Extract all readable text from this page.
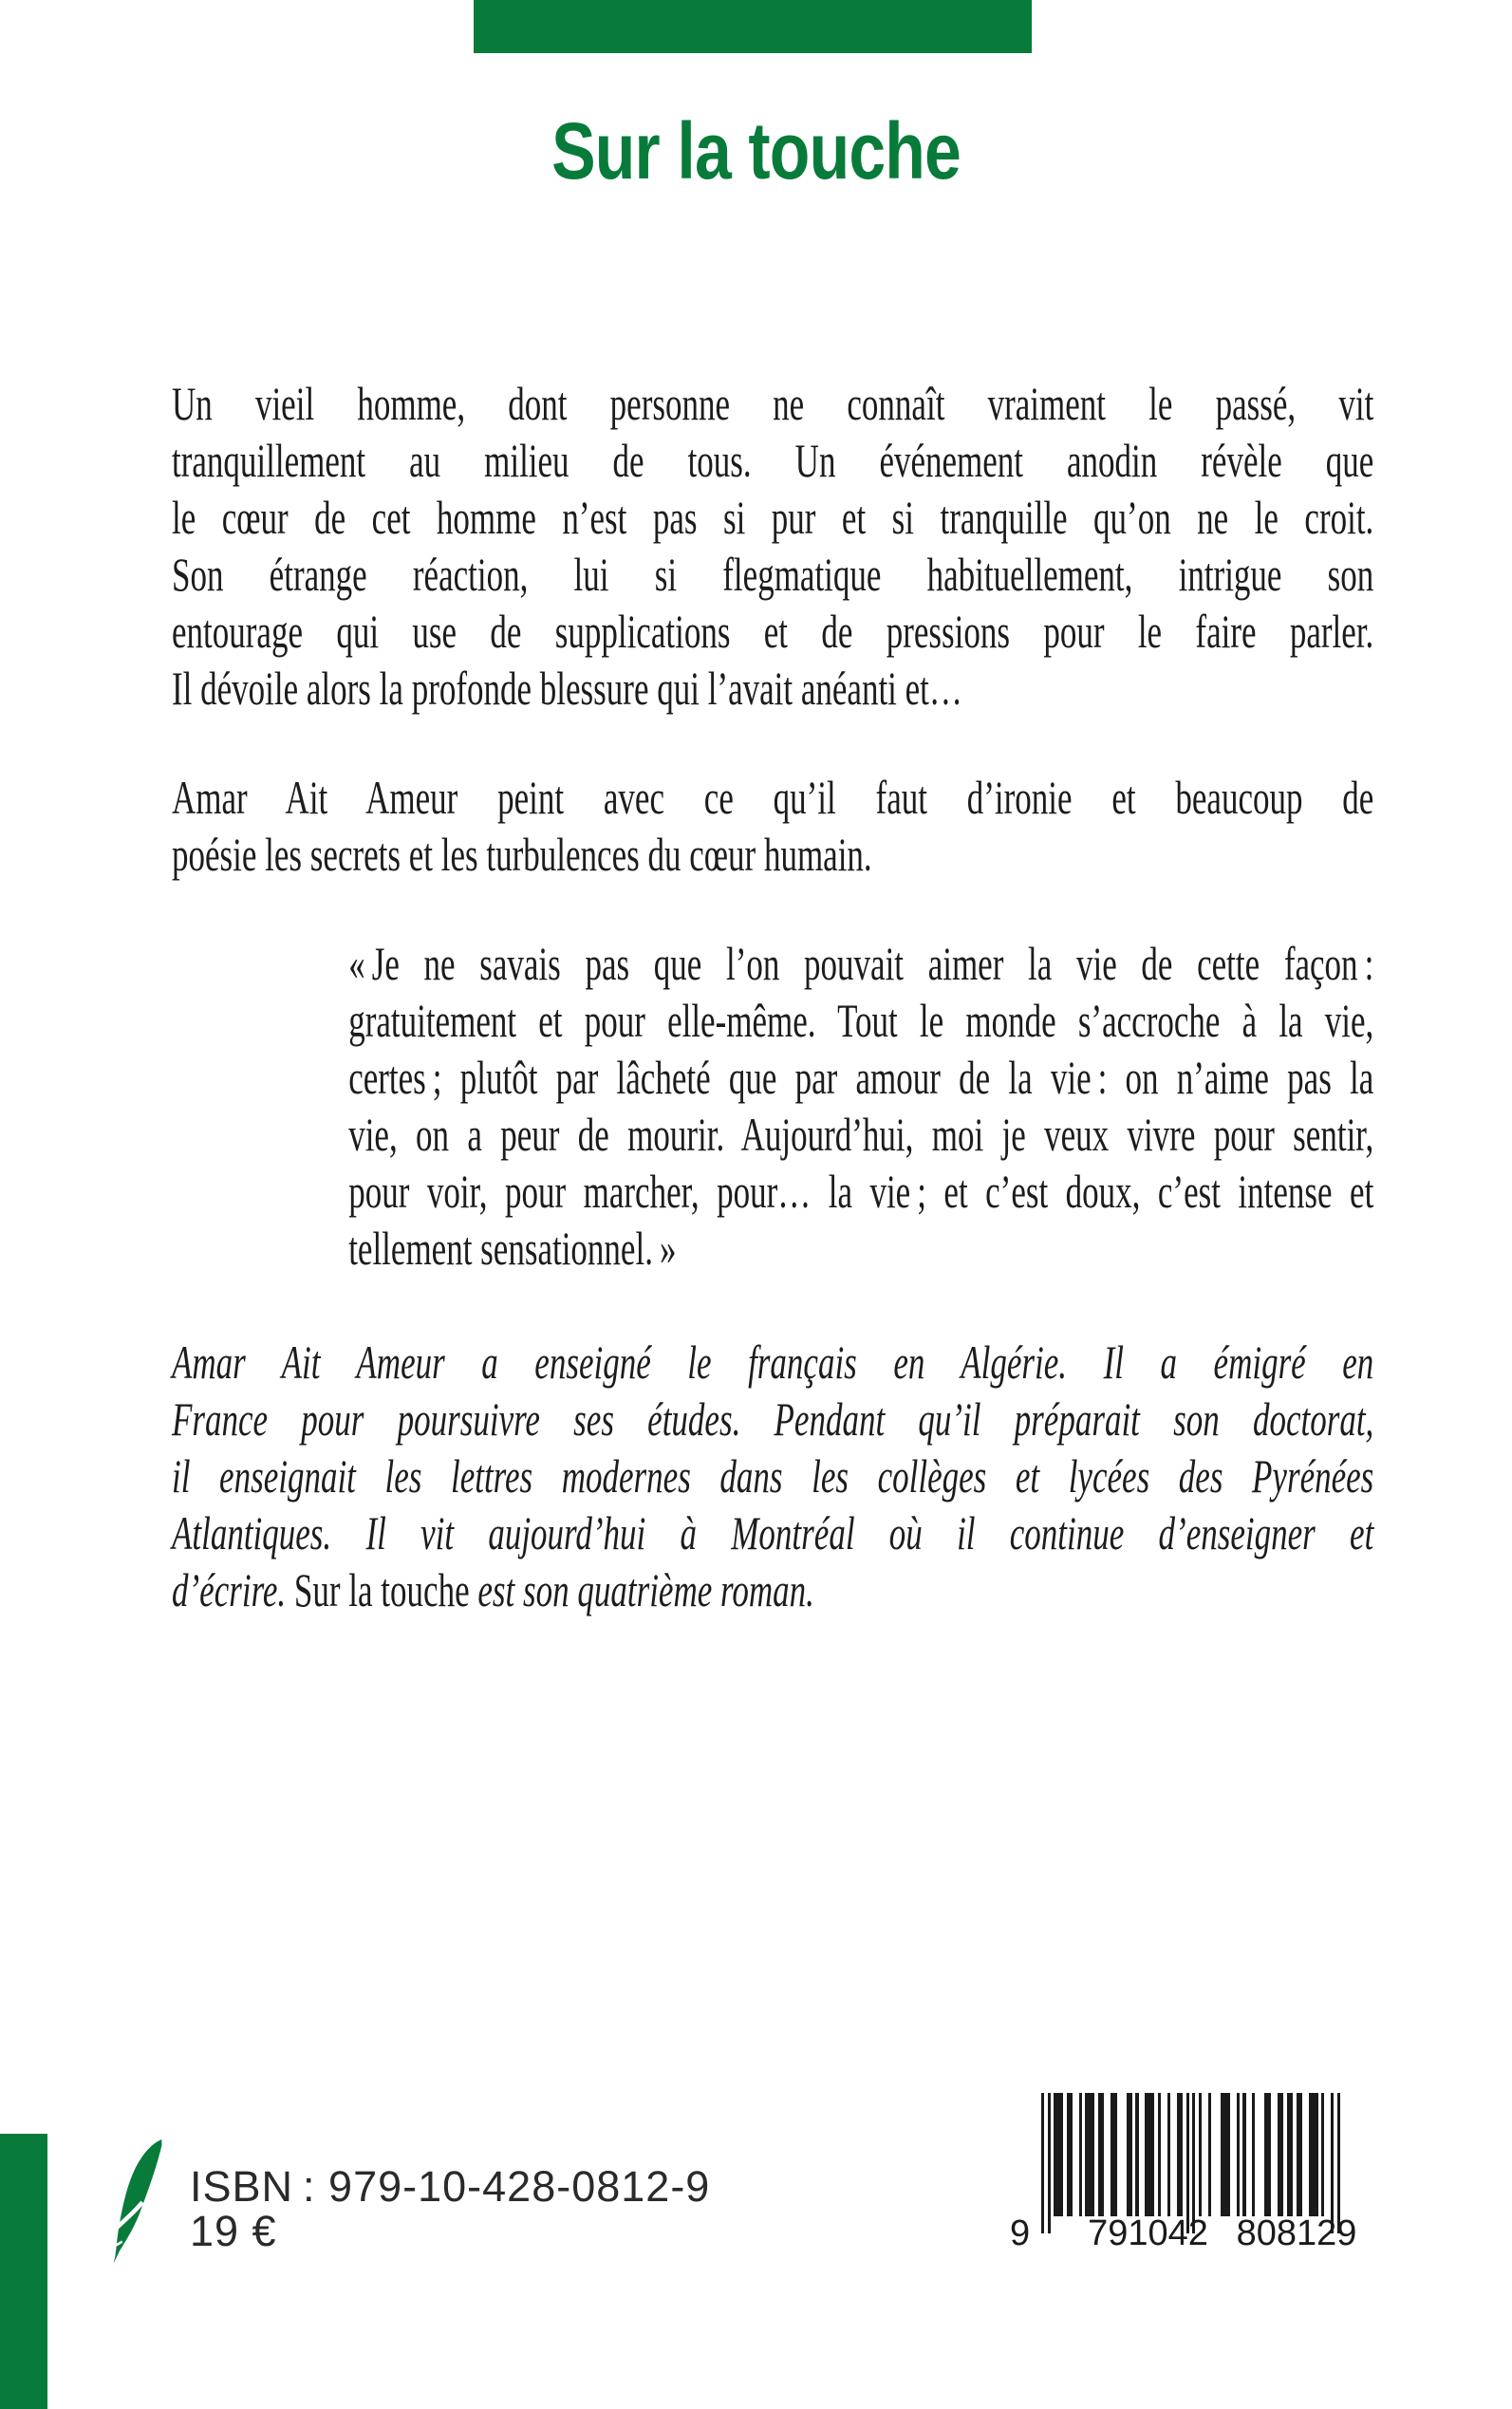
Sur la touche
Un vieil homme, dont personne ne connaît vraiment le passé, vit
tranquillement au milieu de tous. Un événement anodin révèle que
le cœur de cet homme n’est pas si pur et si tranquille qu’on ne le croit.
Son étrange réaction, lui si flegmatique habituellement, intrigue son
entourage qui use de supplications et de pressions pour le faire parler.
Il dévoile alors la profonde blessure qui l’avait anéanti et…
Amar Ait Ameur peint avec ce qu’il faut d’ironie et beaucoup de
poésie les secrets et les turbulences du cœur humain.
« Je ne savais pas que l’on pouvait aimer la vie de cette façon :
gratuitement et pour elle-même. Tout le monde s’accroche à la vie,
certes ; plutôt par lâcheté que par amour de la vie : on n’aime pas la
vie, on a peur de mourir. Aujourd’hui, moi je veux vivre pour sentir,
pour voir, pour marcher, pour… la vie ; et c’est doux, c’est intense et
tellement sensationnel. »
Amar Ait Ameur a enseigné le français en Algérie. Il a émigré en
France pour poursuivre ses études. Pendant qu’il préparait son doctorat,
il enseignait les lettres modernes dans les collèges et lycées des Pyrénées
Atlantiques. Il vit aujourd’hui à Montréal où il continue d’enseigner et
d’écrire. Sur la touche est son quatrième roman.
ISBN : 979-10-428-0812-9
19 €	9 791042 808129
